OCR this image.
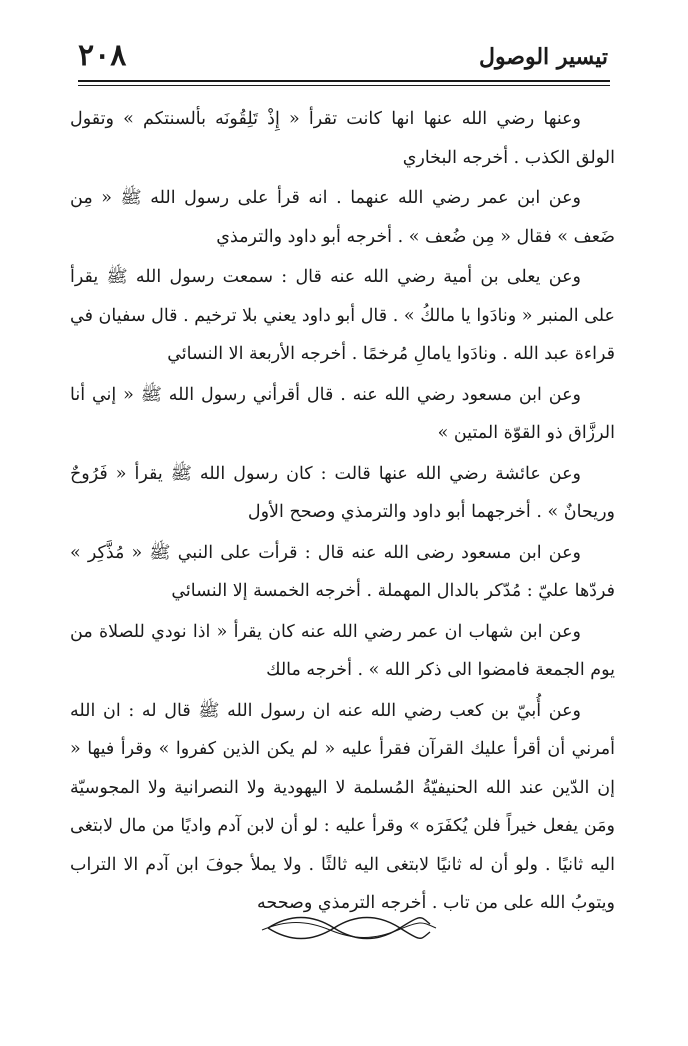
٢٠٨	تيسير الوصول

وعنها رضي الله عنها انها كانت تقرأ « إِذْ تَلِقُونَه بألسنتكم » وتقول الولق الكذب . أخرجه البخاري

وعن ابن عمر رضي الله عنهما . انه قرأ على رسول الله ﷺ « مِن ضَعف » فقال « مِن ضُعف » . أخرجه أبو داود والترمذي

وعن يعلى بن أمية رضي الله عنه قال : سمعت رسول الله ﷺ يقرأ على المنبر « ونادَوا يا مالكُ » . قال أبو داود يعني بلا ترخيم . قال سفيان في قراءة عبد الله . ونادَوا يامالِ مُرخمًا . أخرجه الأربعة الا النسائي

وعن ابن مسعود رضي الله عنه . قال أقرأني رسول الله ﷺ « إني أنا الرزَّاق ذو القوّة المتين »

وعن عائشة رضي الله عنها قالت : كان رسول الله ﷺ يقرأ « فَرُوحٌ وريحانٌ » . أخرجهما أبو داود والترمذي وصحح الأول

وعن ابن مسعود رضى الله عنه قال : قرأت على النبي ﷺ « مُذَّكِر » فردّها عليّ : مُدّكر بالدال المهملة . أخرجه الخمسة إلا النسائي

وعن ابن شهاب ان عمر رضي الله عنه كان يقرأ « اذا نودي للصلاة من يوم الجمعة فامضوا الى ذكر الله » . أخرجه مالك

وعن أُبيّ بن كعب رضي الله عنه ان رسول الله ﷺ قال له : ان الله أمرني أن أقرأ عليك القرآن فقرأ عليه « لم يكن الذين كفروا » وقرأ فيها « إن الدّين عند الله الحنيفيّةُ المُسلمة لا اليهودية ولا النصرانية ولا المجوسيّة ومَن يفعل خيراً فلن يُكفَرَه » وقرأ عليه : لو أن لابن آدم واديًا من مال لابتغى اليه ثانيًا . ولو أن له ثانيًا لابتغى اليه ثالثًا . ولا يملأ جوفَ ابن آدم الا التراب ويتوبُ الله على من تاب . أخرجه الترمذي وصححه
